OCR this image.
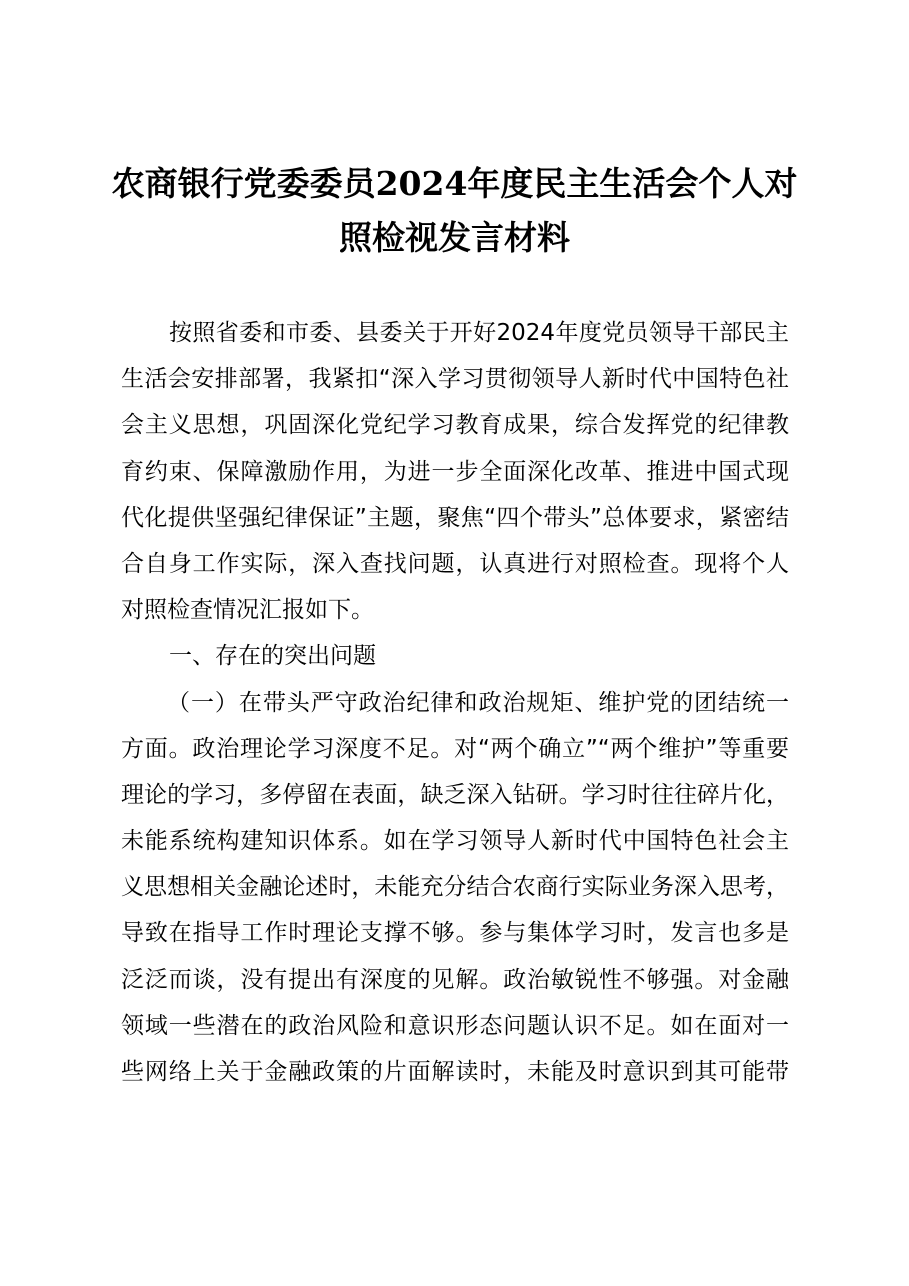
农商银行党委委员2024年度民主生活会个人对
照检视发言材料
按照省委和市委、县委关于开好2024年度党员领导干部民主
生活会安排部署，我紧扣“深入学习贯彻领导人新时代中国特色社
会主义思想，巩固深化党纪学习教育成果，综合发挥党的纪律教
育约束、保障激励作用，为进一步全面深化改革、推进中国式现
代化提供坚强纪律保证”主题，聚焦“四个带头”总体要求，紧密结
合自身工作实际，深入查找问题，认真进行对照检查。现将个人
对照检查情况汇报如下。
一、存在的突出问题
（一）在带头严守政治纪律和政治规矩、维护党的团结统一
方面。政治理论学习深度不足。对“两个确立”“两个维护”等重要
理论的学习，多停留在表面，缺乏深入钻研。学习时往往碎片化，
未能系统构建知识体系。如在学习领导人新时代中国特色社会主
义思想相关金融论述时，未能充分结合农商行实际业务深入思考，
导致在指导工作时理论支撑不够。参与集体学习时，发言也多是
泛泛而谈，没有提出有深度的见解。政治敏锐性不够强。对金融
领域一些潜在的政治风险和意识形态问题认识不足。如在面对一
些网络上关于金融政策的片面解读时，未能及时意识到其可能带
